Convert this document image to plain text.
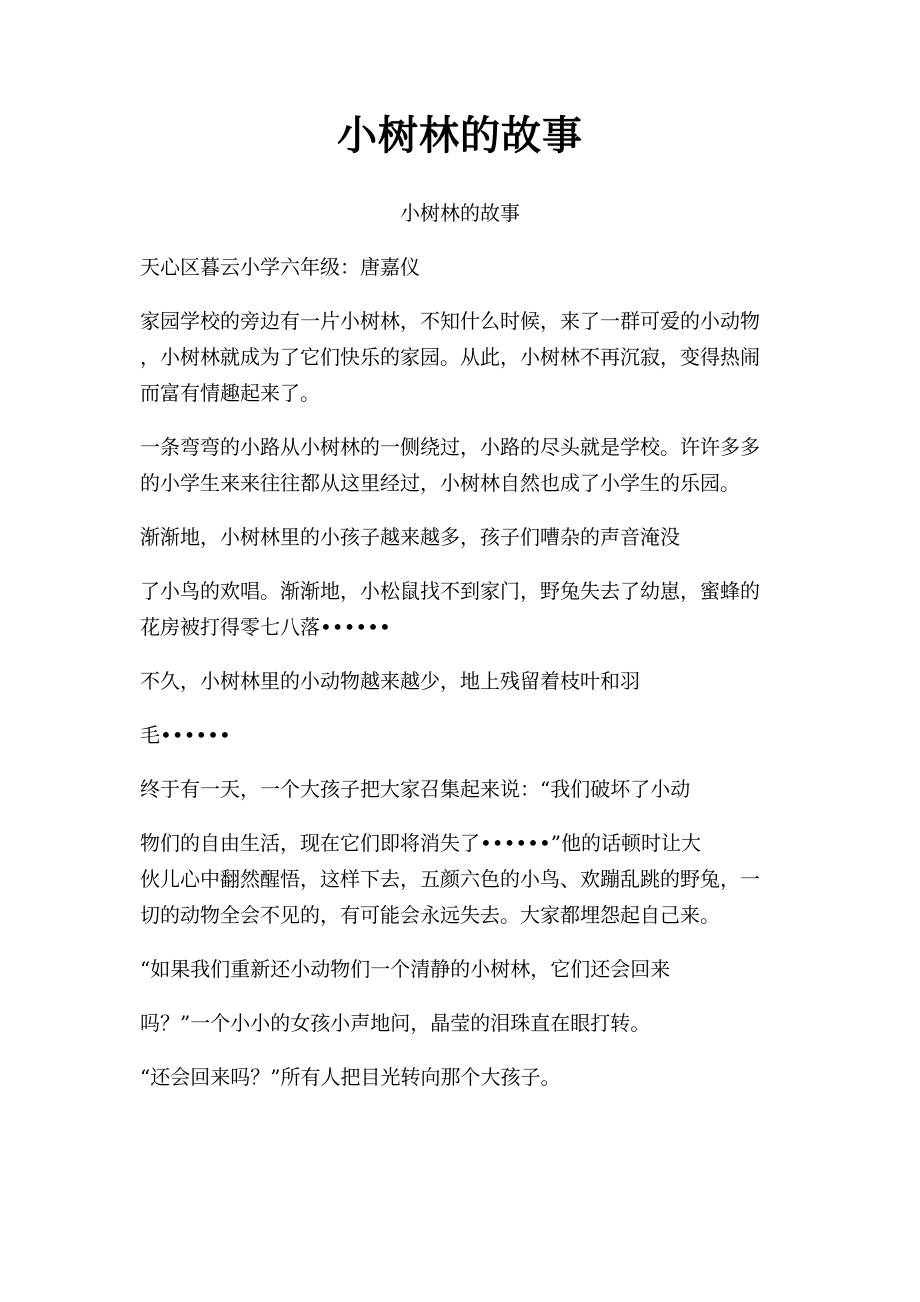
小树林的故事
小树林的故事
天心区暮云小学六年级：唐嘉仪
家园学校的旁边有一片小树林，不知什么时候，来了一群可爱的小动物
，小树林就成为了它们快乐的家园。从此，小树林不再沉寂，变得热闹
而富有情趣起来了。
一条弯弯的小路从小树林的一侧绕过，小路的尽头就是学校。许许多多
的小学生来来往往都从这里经过，小树林自然也成了小学生的乐园。
渐渐地，小树林里的小孩子越来越多，孩子们嘈杂的声音淹没
了小鸟的欢唱。渐渐地，小松鼠找不到家门，野兔失去了幼崽，蜜蜂的
花房被打得零七八落••••••
不久，小树林里的小动物越来越少，地上残留着枝叶和羽
毛••••••
终于有一天，一个大孩子把大家召集起来说：“我们破坏了小动
物们的自由生活，现在它们即将消失了••••••”他的话顿时让大
伙儿心中翻然醒悟，这样下去，五颜六色的小鸟、欢蹦乱跳的野兔，一
切的动物全会不见的，有可能会永远失去。大家都埋怨起自己来。
“如果我们重新还小动物们一个清静的小树林，它们还会回来
吗？”一个小小的女孩小声地问，晶莹的泪珠直在眼打转。
“还会回来吗？”所有人把目光转向那个大孩子。
